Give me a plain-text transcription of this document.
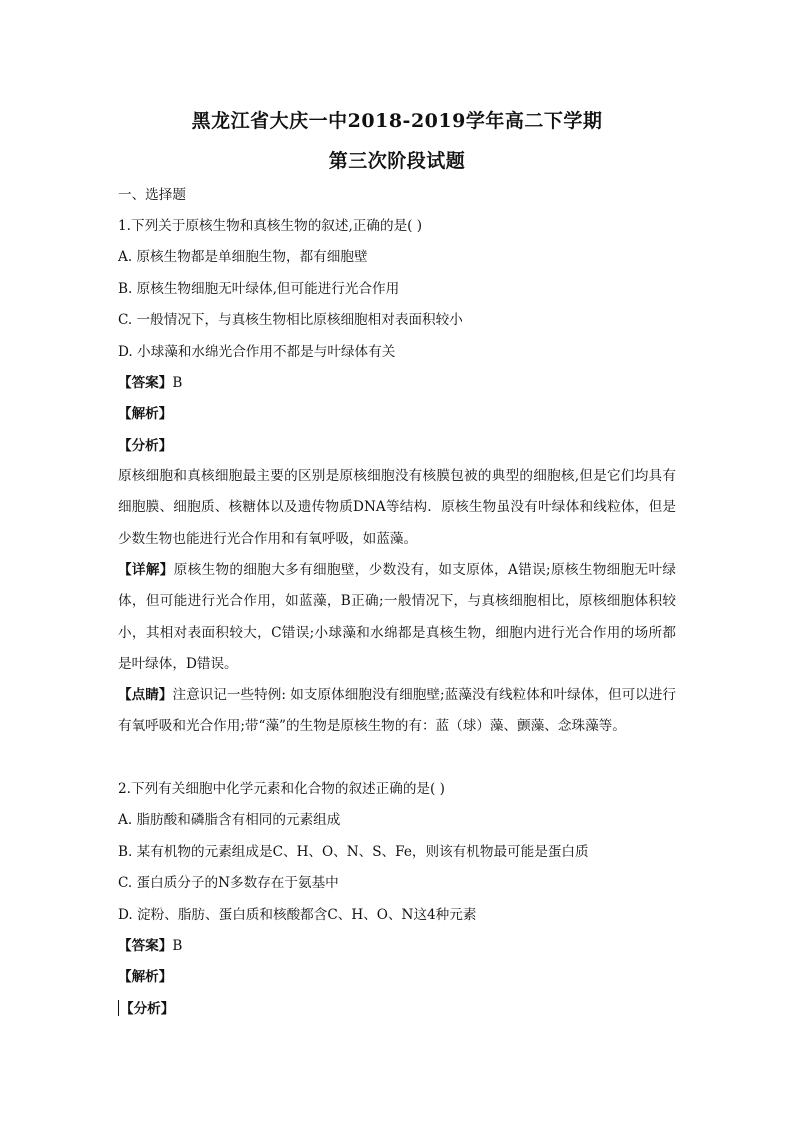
黑龙江省大庆一中2018-2019学年高二下学期
第三次阶段试题
一、选择题
1.下列关于原核生物和真核生物的叙述,正确的是( )
A. 原核生物都是单细胞生物，都有细胞壁
B. 原核生物细胞无叶绿体,但可能进行光合作用
C. 一般情况下，与真核生物相比原核细胞相对表面积较小
D. 小球藻和水绵光合作用不都是与叶绿体有关
【答案】B
【解析】
【分析】
原核细胞和真核细胞最主要的区别是原核细胞没有核膜包被的典型的细胞核,但是它们均具有细胞膜、细胞质、核糖体以及遗传物质DNA等结构．原核生物虽没有叶绿体和线粒体，但是少数生物也能进行光合作用和有氧呼吸，如蓝藻。
【详解】原核生物的细胞大多有细胞壁，少数没有，如支原体，A错误;原核生物细胞无叶绿体，但可能进行光合作用，如蓝藻，B正确;一般情况下，与真核细胞相比，原核细胞体积较小，其相对表面积较大，C错误;小球藻和水绵都是真核生物，细胞内进行光合作用的场所都是叶绿体，D错误。
【点睛】注意识记一些特例: 如支原体细胞没有细胞壁;蓝藻没有线粒体和叶绿体，但可以进行有氧呼吸和光合作用;带“藻”的生物是原核生物的有：蓝（球）藻、颤藻、念珠藻等。
2.下列有关细胞中化学元素和化合物的叙述正确的是( )
A. 脂肪酸和磷脂含有相同的元素组成
B. 某有机物的元素组成是C、H、O、N、S、Fe，则该有机物最可能是蛋白质
C. 蛋白质分子的N多数存在于氨基中
D. 淀粉、脂肪、蛋白质和核酸都含C、H、O、N这4种元素
【答案】B
【解析】
【分析】
